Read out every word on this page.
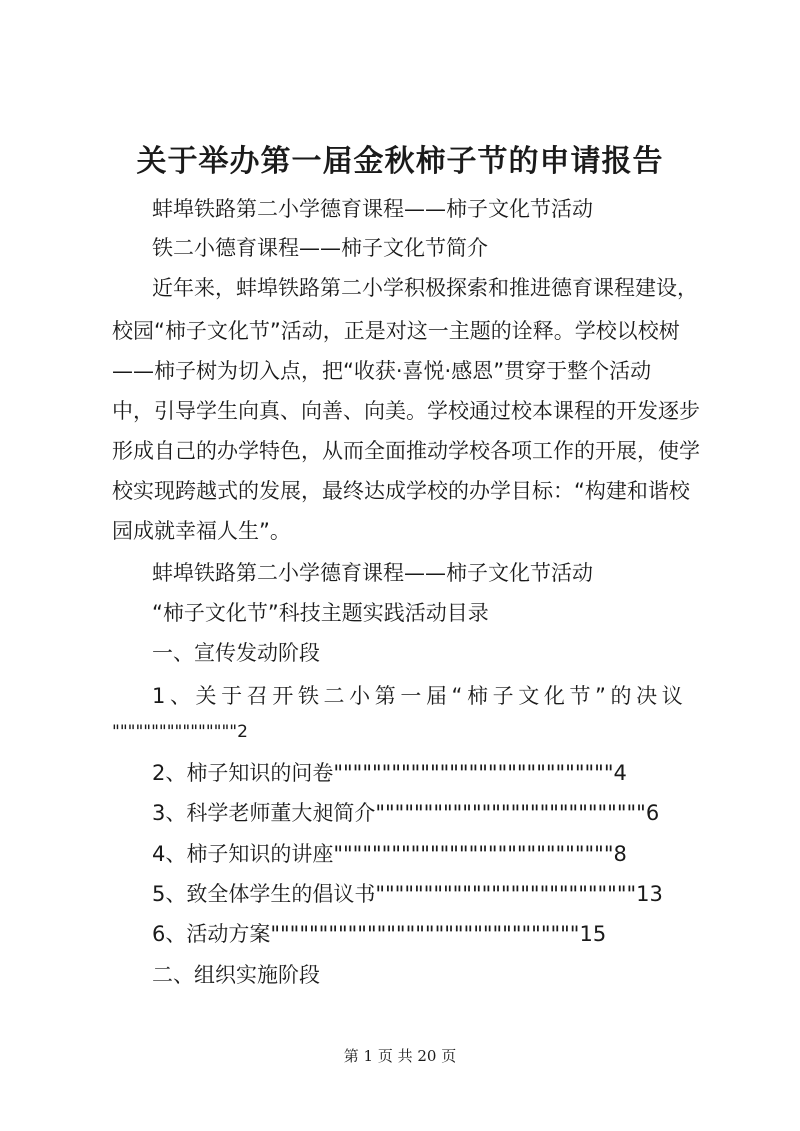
关于举办第一届金秋柿子节的申请报告
蚌埠铁路第二小学德育课程——柿子文化节活动
铁二小德育课程——柿子文化节简介
近年来，蚌埠铁路第二小学积极探索和推进德育课程建设，
校园“柿子文化节”活动，正是对这一主题的诠释。学校以校树
——柿子树为切入点，把“收获·喜悦·感恩”贯穿于整个活动
中，引导学生向真、向善、向美。学校通过校本课程的开发逐步
形成自己的办学特色，从而全面推动学校各项工作的开展，使学
校实现跨越式的发展，最终达成学校的办学目标：“构建和谐校
园成就幸福人生”。
蚌埠铁路第二小学德育课程——柿子文化节活动
“柿子文化节”科技主题实践活动目录
一、宣传发动阶段
1、关于召开铁二小第一届“柿子文化节”的决议
""""""""""""""""2
2、柿子知识的问卷"""""""""""""""""""""""""""""4
3、科学老师董大昶简介""""""""""""""""""""""""""""6
4、柿子知识的讲座"""""""""""""""""""""""""""""8
5、致全体学生的倡议书"""""""""""""""""""""""""""13
6、活动方案""""""""""""""""""""""""""""""""15
二、组织实施阶段
第 1 页 共 20 页
